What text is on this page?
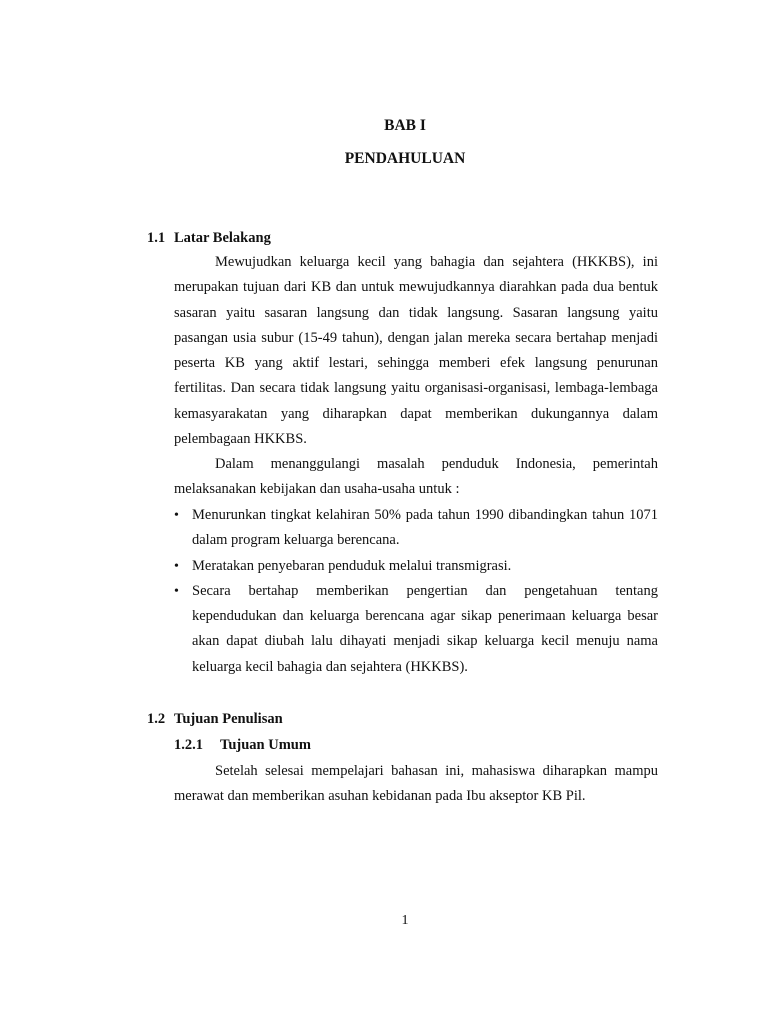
BAB I
PENDAHULUAN
1.1 Latar Belakang

Mewujudkan keluarga kecil yang bahagia dan sejahtera (HKKBS), ini merupakan tujuan dari KB dan untuk mewujudkannya diarahkan pada dua bentuk sasaran yaitu sasaran langsung dan tidak langsung. Sasaran langsung yaitu pasangan usia subur (15-49 tahun), dengan jalan mereka secara bertahap menjadi peserta KB yang aktif lestari, sehingga memberi efek langsung penurunan fertilitas. Dan secara tidak langsung yaitu organisasi-organisasi, lembaga-lembaga kemasyarakatan yang diharapkan dapat memberikan dukungannya dalam pelembagaan HKKBS.

Dalam menanggulangi masalah penduduk Indonesia, pemerintah melaksanakan kebijakan dan usaha-usaha untuk :

• Menurunkan tingkat kelahiran 50% pada tahun 1990 dibandingkan tahun 1071 dalam program keluarga berencana.
• Meratakan penyebaran penduduk melalui transmigrasi.
• Secara bertahap memberikan pengertian dan pengetahuan tentang kependudukan dan keluarga berencana agar sikap penerimaan keluarga besar akan dapat diubah lalu dihayati menjadi sikap keluarga kecil menuju nama keluarga kecil bahagia dan sejahtera (HKKBS).
1.2 Tujuan Penulisan
1.2.1 Tujuan Umum

Setelah selesai mempelajari bahasan ini, mahasiswa diharapkan mampu merawat dan memberikan asuhan kebidanan pada Ibu akseptor KB Pil.

1
